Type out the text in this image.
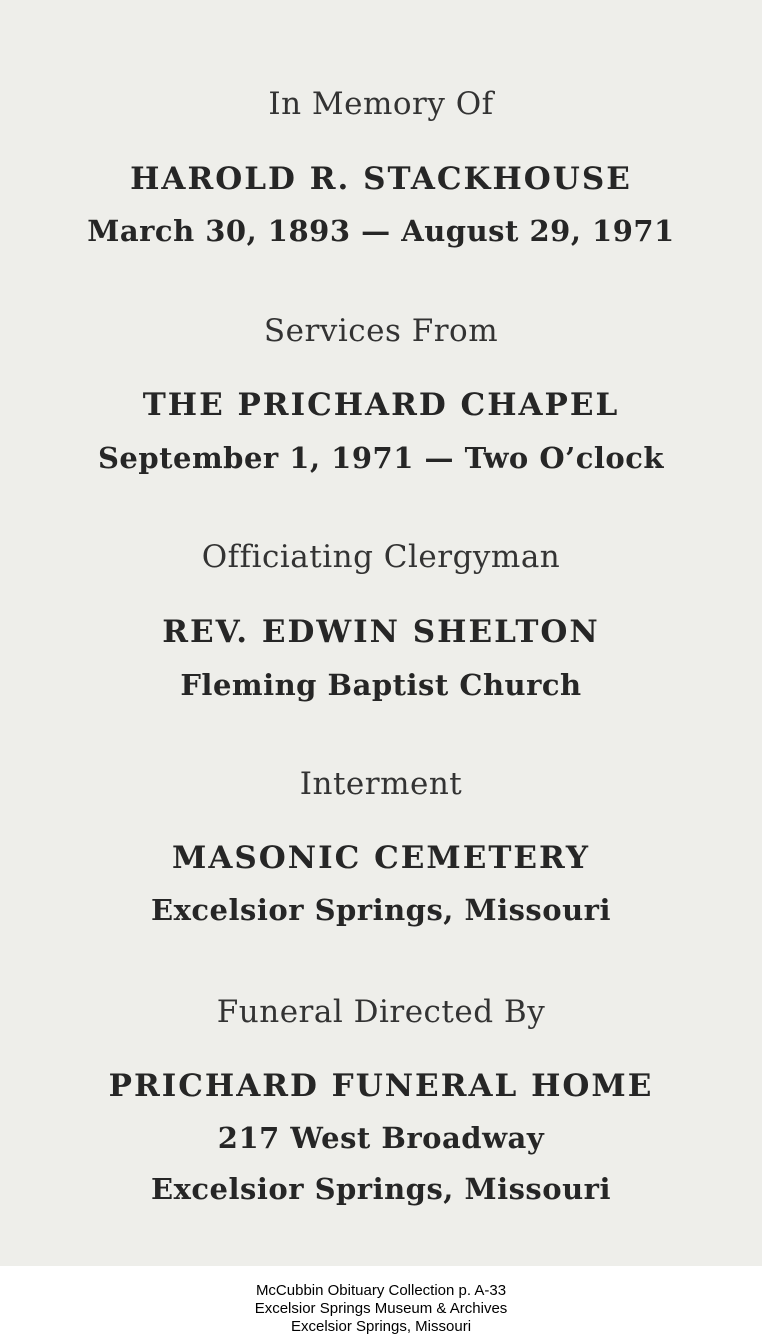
In Memory Of
HAROLD R. STACKHOUSE
March 30, 1893 — August 29, 1971
Services From
THE PRICHARD CHAPEL
September 1, 1971 — Two O’clock
Officiating Clergyman
REV. EDWIN SHELTON
Fleming Baptist Church
Interment
MASONIC CEMETERY
Excelsior Springs, Missouri
Funeral Directed By
PRICHARD FUNERAL HOME
217 West Broadway
Excelsior Springs, Missouri
McCubbin Obituary Collection p. A-33
Excelsior Springs Museum & Archives
Excelsior Springs, Missouri
